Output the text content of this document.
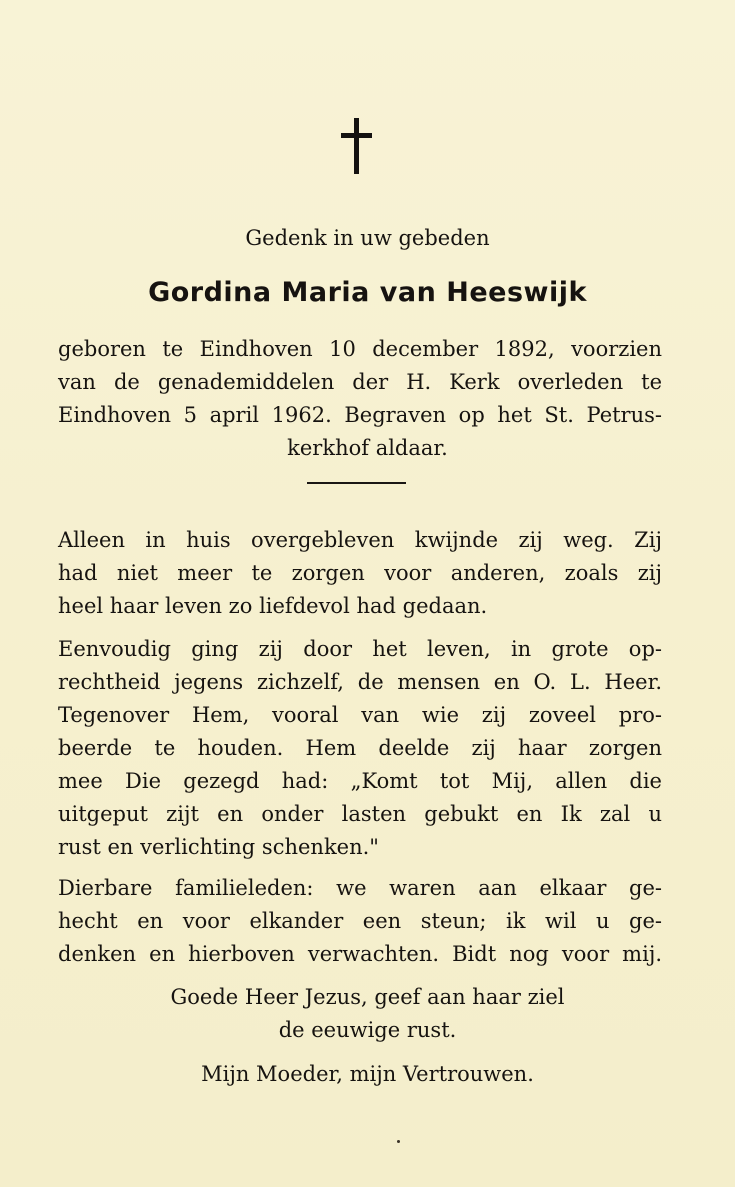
Gedenk in uw gebeden
Gordina Maria van Heeswijk
geboren te Eindhoven 10 december 1892, voorzien
van de genademiddelen der H. Kerk overleden te
Eindhoven 5 april 1962. Begraven op het St. Petrus-
kerkhof aldaar.
Alleen in huis overgebleven kwijnde zij weg. Zij
had niet meer te zorgen voor anderen, zoals zij
heel haar leven zo liefdevol had gedaan.
Eenvoudig ging zij door het leven, in grote op-
rechtheid jegens zichzelf, de mensen en O. L. Heer.
Tegenover Hem, vooral van wie zij zoveel pro-
beerde te houden. Hem deelde zij haar zorgen
mee Die gezegd had: „Komt tot Mij, allen die
uitgeput zijt en onder lasten gebukt en Ik zal u
rust en verlichting schenken."
Dierbare familieleden: we waren aan elkaar ge-
hecht en voor elkander een steun; ik wil u ge-
denken en hierboven verwachten. Bidt nog voor mij.
Goede Heer Jezus, geef aan haar ziel
de eeuwige rust.
Mijn Moeder, mijn Vertrouwen.
